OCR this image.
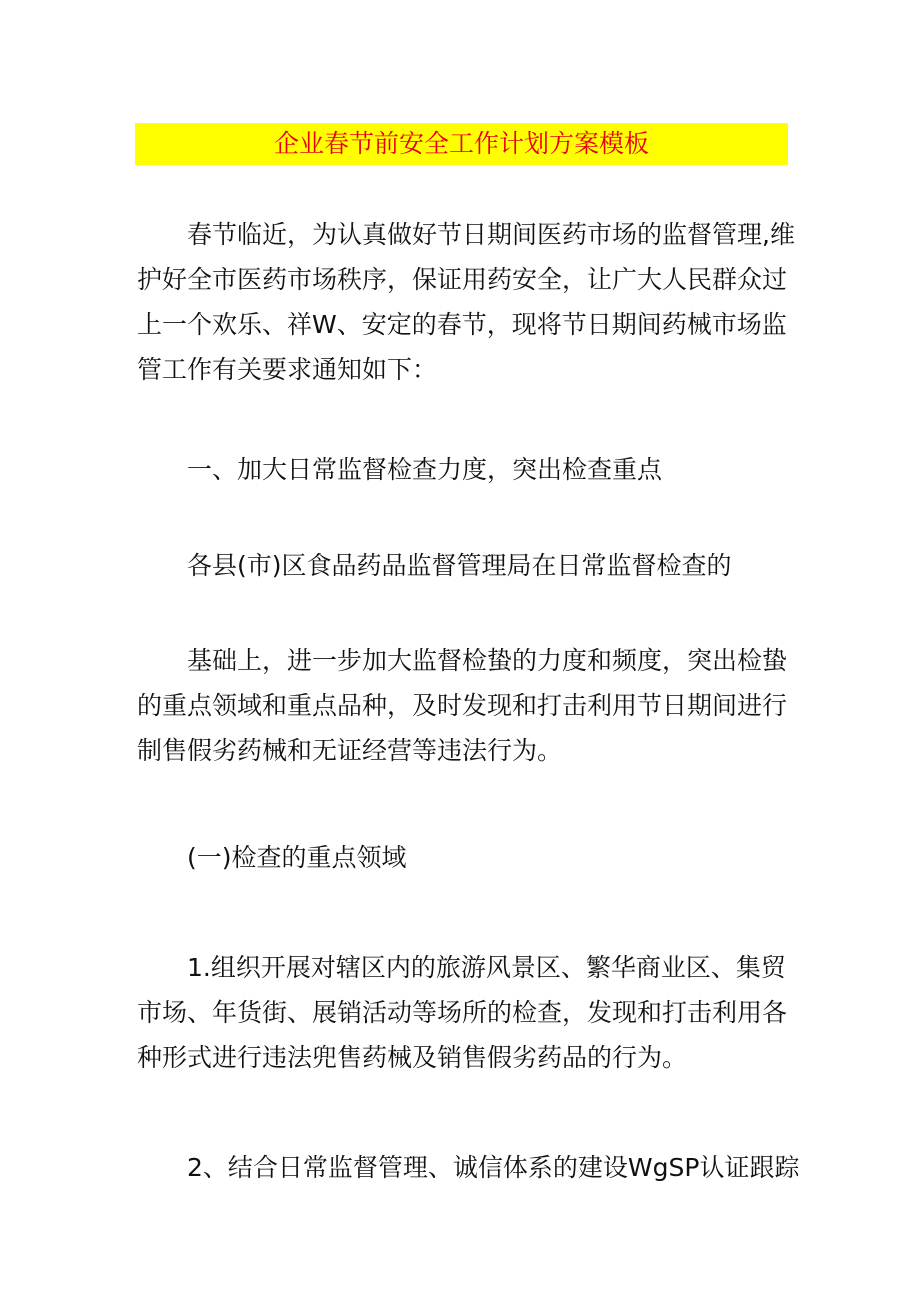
企业春节前安全工作计划方案模板
春节临近，为认真做好节日期间医药市场的监督管理,维
护好全市医药市场秩序，保证用药安全，让广大人民群众过
上一个欢乐、祥W、安定的春节，现将节日期间药械市场监
管工作有关要求通知如下：
一、加大日常监督检查力度，突出检查重点
各县(市)区食品药品监督管理局在日常监督检查的
基础上，进一步加大监督检蛰的力度和频度，突出检蛰
的重点领域和重点品种，及时发现和打击利用节日期间进行
制售假劣药械和无证经营等违法行为。
(一)检查的重点领域
1.组织开展对辖区内的旅游风景区、繁华商业区、集贸
市场、年货街、展销活动等场所的检查，发现和打击利用各
种形式进行违法兜售药械及销售假劣药品的行为。
2、结合日常监督管理、诚信体系的建设WgSP认证跟踪
